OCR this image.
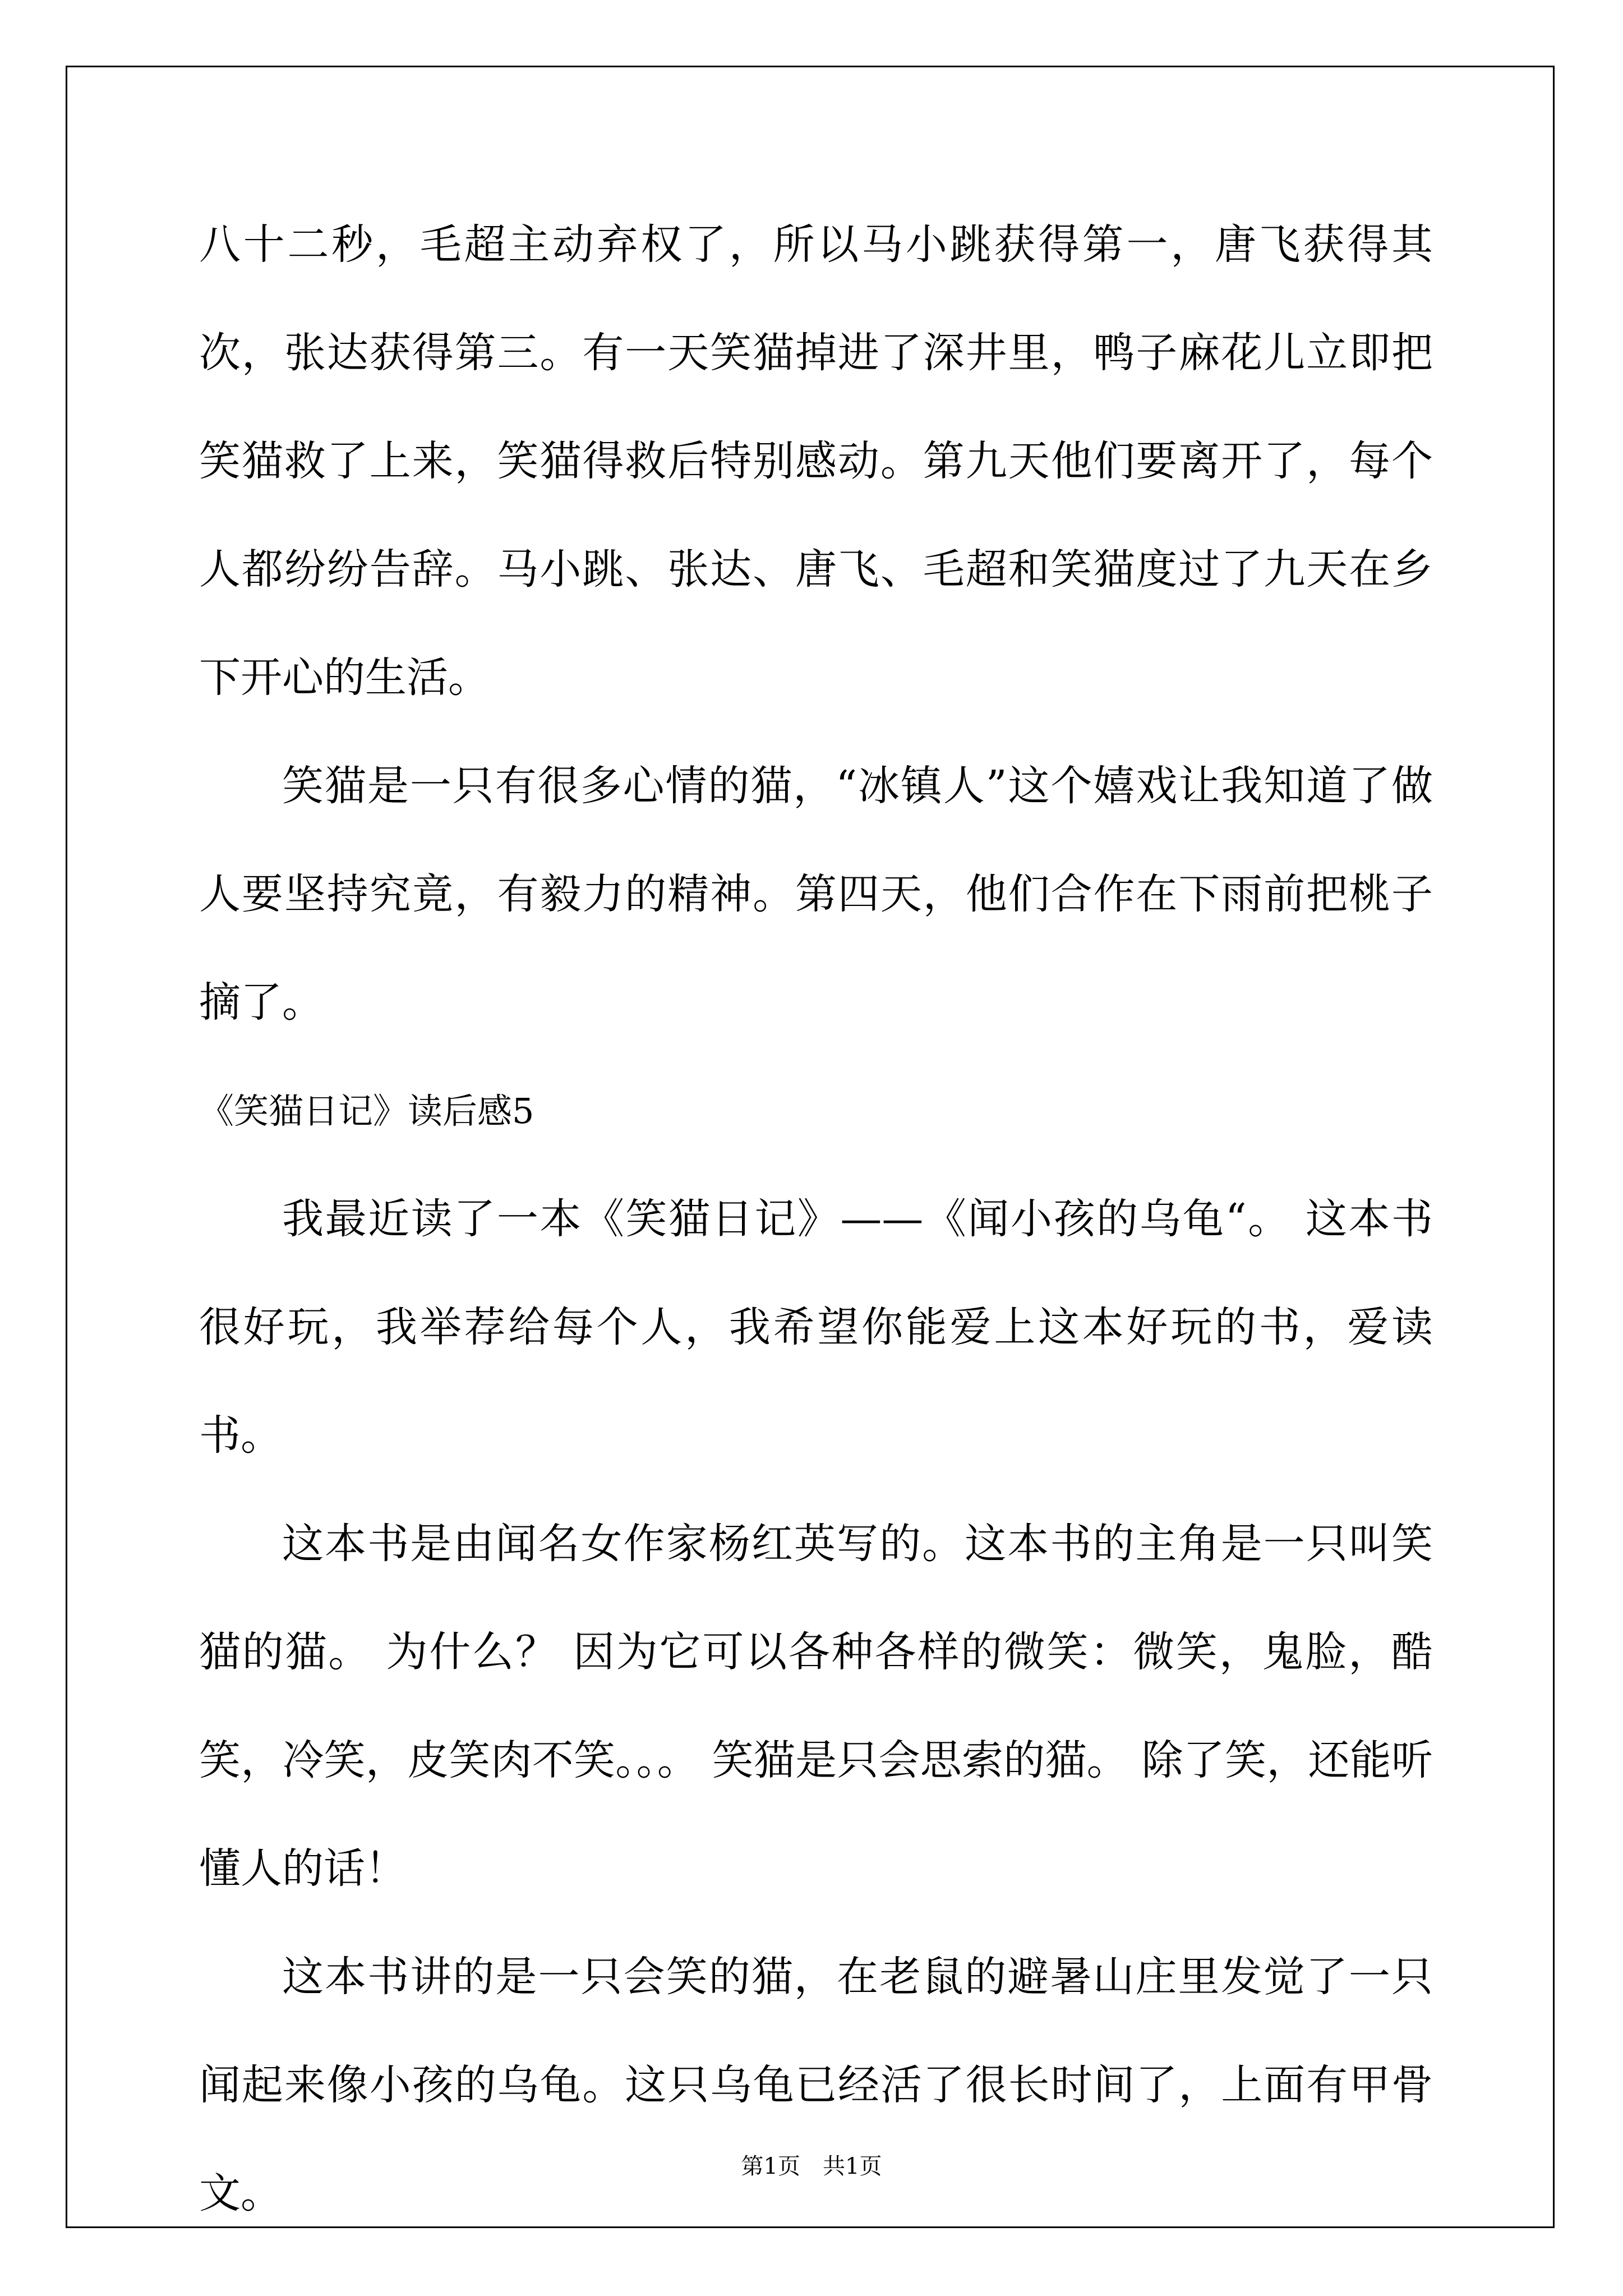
八十二秒，毛超主动弃权了，所以马小跳获得第一，唐飞获得其次，张达获得第三。有一天笑猫掉进了深井里，鸭子麻花儿立即把笑猫救了上来，笑猫得救后特别感动。第九天他们要离开了，每个人都纷纷告辞。马小跳、张达、唐飞、毛超和笑猫度过了九天在乡下开心的生活。

笑猫是一只有很多心情的猫，“冰镇人”这个嬉戏让我知道了做人要坚持究竟，有毅力的精神。第四天，他们合作在下雨前把桃子摘了。

《笑猫日记》读后感5

我最近读了一本《笑猫日记》——《闻小孩的乌龟“。 这本书很好玩，我举荐给每个人，我希望你能爱上这本好玩的书，爱读书。

这本书是由闻名女作家杨红英写的。这本书的主角是一只叫笑猫的猫。 为什么？ 因为它可以各种各样的微笑：微笑，鬼脸，酷笑，冷笑，皮笑肉不笑。。。 笑猫是只会思索的猫。 除了笑，还能听懂人的话！

这本书讲的是一只会笑的猫，在老鼠的避暑山庄里发觉了一只闻起来像小孩的乌龟。这只乌龟已经活了很长时间了，上面有甲骨文。

第1页　共1页
